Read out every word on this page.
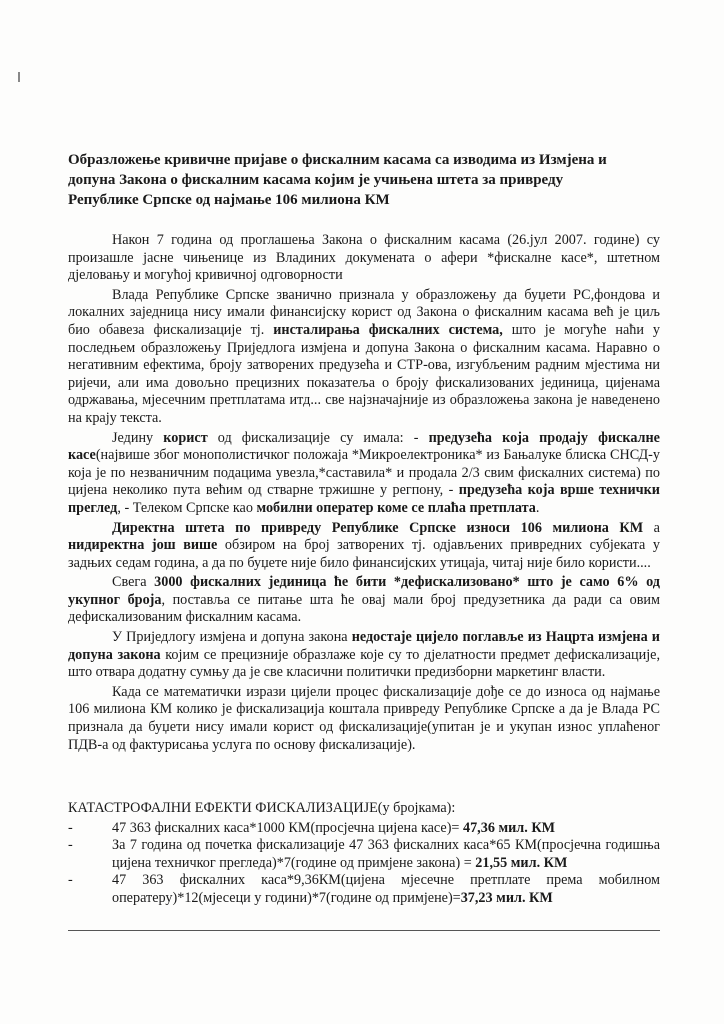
Образложење кривичне пријаве о фискалним касама са изводима из Измјена и допуна Закона о фискалним касама којим је учињена штета за привреду Републике Српске од најмање 106 милиона КМ

Након 7 година од проглашења Закона о фискалним касама (26.јул 2007. године) су произашле јасне чињенице из Владиних докумената о афери *фискалне касе*, штетном дјеловању и могућој кривичној одговорности

Влада Републике Српске званично признала у образложењу да буџети РС,фондова и локалних заједница нису имали финансијску корист од Закона о фискалним касама већ је циљ био обавеза фискализације тј. инсталирања фискалних система, што је могуће наћи у последњем образложењу Приједлога измјена и допуна Закона о фискалним касама. Наравно о негативним ефектима, броју затворених предузећа и СТР-ова, изгубљеним радним мјестима ни ријечи, али има довољно прецизних показатеља о броју фискализованих јединица, цијенама одржавања, мјесечним претплатама итд... све најзначајније из образложења закона је наведенено на крају текста.

Једину корист од фискализације су имала: - предузећа која продају фискалне касе(највише због монополистичког положаја *Микроелектроника* из Бањалуке блиска СНСД-у која је по незваничним подацима увезла,*саставила* и продала 2/3 свим фискалних система) по цијена неколико пута већим од стварне тржишне у регпону, - предузећа која врше технички преглед, - Телеком Српске као мобилни оператер коме се плаћа претплата.

Директна штета по привреду Републике Српске износи 106 милиона КМ а нидиректна још више обзиром на број затворених тј. одјављених привредних субјеката у задњих седам година, а да по буџете није било финансијских утицаја, читај није било користи....

Свега 3000 фискалних јединица ће бити *дефискализовано* што је само 6% од укупног броја, поставља се питање шта ће овај мали број предузетника да ради са овим дефискализованим фискалним касама.

У Приједлогу измјена и допуна закона недостаје цијело поглавље из Нацрта измјена и допуна закона којим се прецизније образлаже које су то дјелатности предмет дефискализације, што отвара додатну сумњу да је све класични политички предизборни маркетинг власти.

Када се математички изрази цијели процес фискализације дође се до износа од најмање 106 милиона КМ колико је фискализација коштала привреду Републике Српске а да је Влада РС признала да буџети нису имали корист од фискализације(упитан је и укупан износ уплаћеног ПДВ-а од фактурисања услуга по основу фискализације).

КАТАСТРОФАЛНИ ЕФЕКТИ ФИСКАЛИЗАЦИЈЕ(у бројкама):

-	47 363 фискалних каса*1000 КМ(просјечна цијена касе)= 47,36 мил. КМ

-	За 7 година од почетка фискализације 47 363 фискалних каса*65 КМ(просјечна годишња цијена техничког прегледа)*7(године од примјене закона) = 21,55 мил. КМ

-	47 363 фискалних каса*9,36КМ(цијена мјесечне претплате према мобилном оператеру)*12(мјесеци у години)*7(године од примјене)=37,23 мил. КМ
